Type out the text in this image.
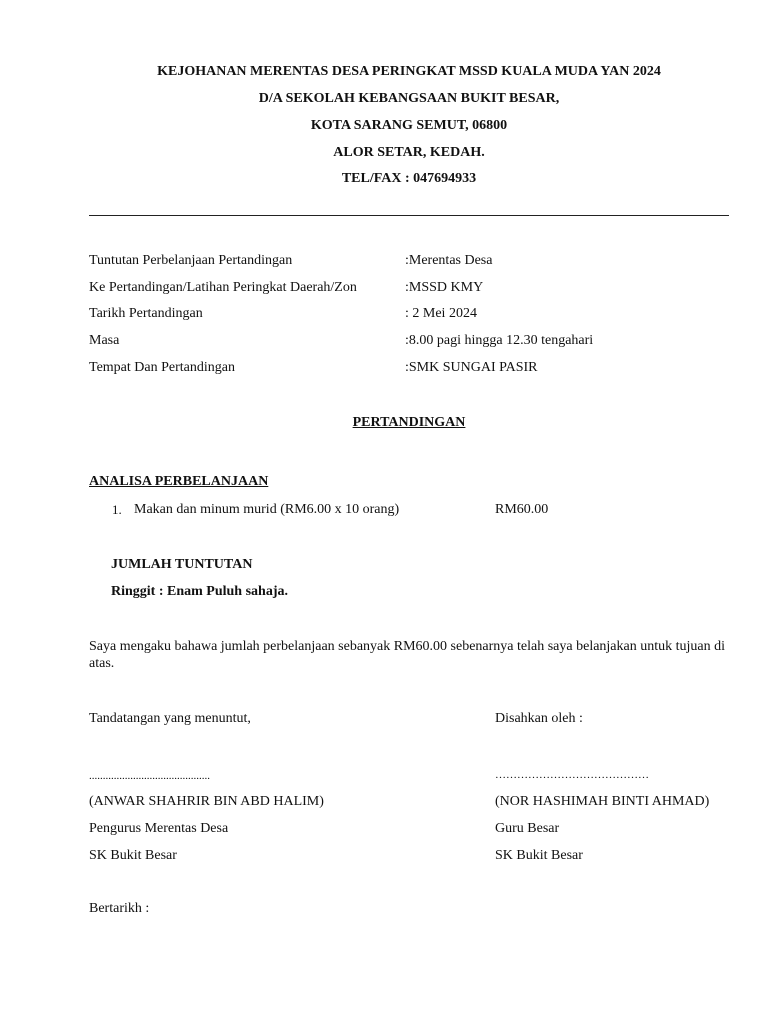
KEJOHANAN MERENTAS DESA PERINGKAT MSSD KUALA MUDA YAN 2024
D/A SEKOLAH KEBANGSAAN BUKIT BESAR,
KOTA SARANG SEMUT, 06800
ALOR SETAR, KEDAH.
TEL/FAX : 047694933
Tuntutan Perbelanjaan Pertandingan	:Merentas Desa
Ke Pertandingan/Latihan Peringkat Daerah/Zon	:MSSD KMY
Tarikh Pertandingan	: 2 Mei 2024
Masa	:8.00 pagi hingga 12.30 tengahari
Tempat Dan Pertandingan	:SMK SUNGAI PASIR
PERTANDINGAN
ANALISA PERBELANJAAN
1. Makan dan minum murid (RM6.00 x 10 orang)	RM60.00
JUMLAH TUNTUTAN
Ringgit : Enam Puluh sahaja.
Saya mengaku bahawa jumlah perbelanjaan sebanyak RM60.00 sebenarnya telah saya belanjakan untuk tujuan di atas.
Tandatangan yang menuntut,	Disahkan oleh :
............................................	……………………………………
(ANWAR SHAHRIR BIN ABD HALIM)	(NOR HASHIMAH BINTI AHMAD)
Pengurus Merentas Desa	Guru Besar
SK Bukit Besar	SK Bukit Besar
Bertarikh :
